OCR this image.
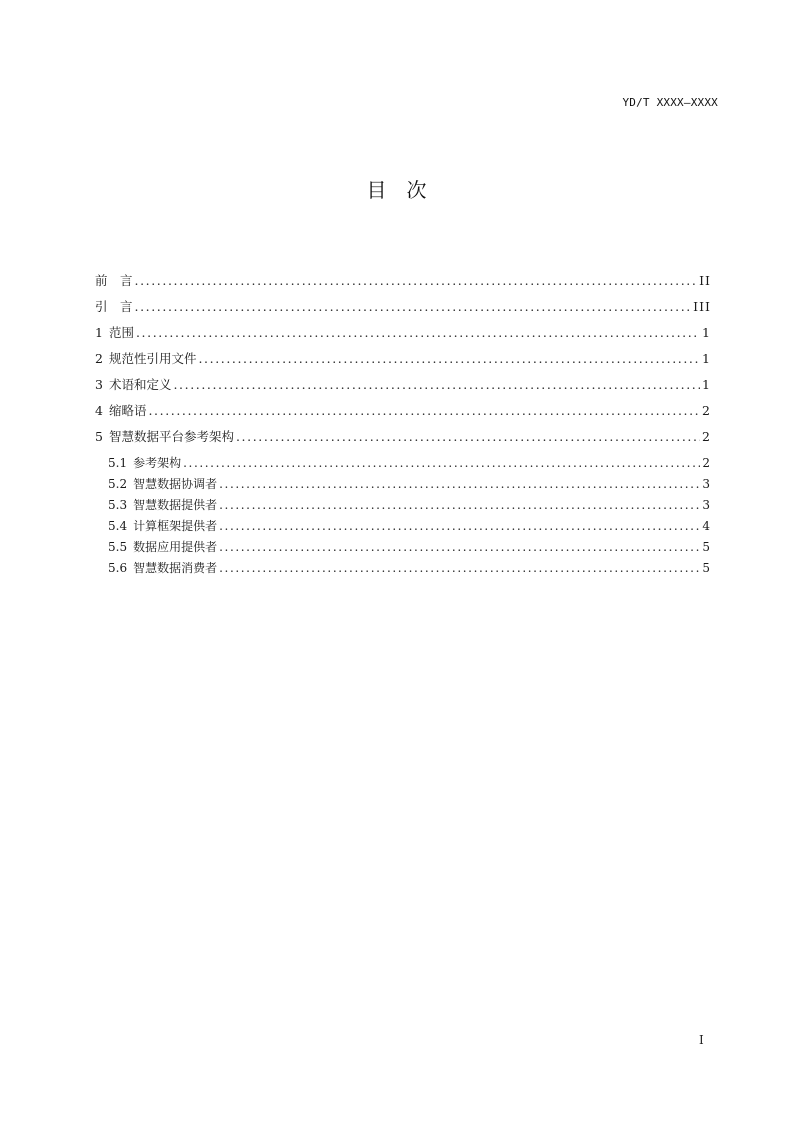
YD/T XXXX—XXXX
目　次
前　言 .....	II
引　言 .....	III
1 范围 .....	1
2 规范性引用文件 .....	1
3 术语和定义 .....	1
4 缩略语 .....	2
5 智慧数据平台参考架构 .....	2
5.1 参考架构 .....	2
5.2 智慧数据协调者 .....	3
5.3 智慧数据提供者 .....	3
5.4 计算框架提供者 .....	4
5.5 数据应用提供者 .....	5
5.6 智慧数据消费者 .....	5
I
